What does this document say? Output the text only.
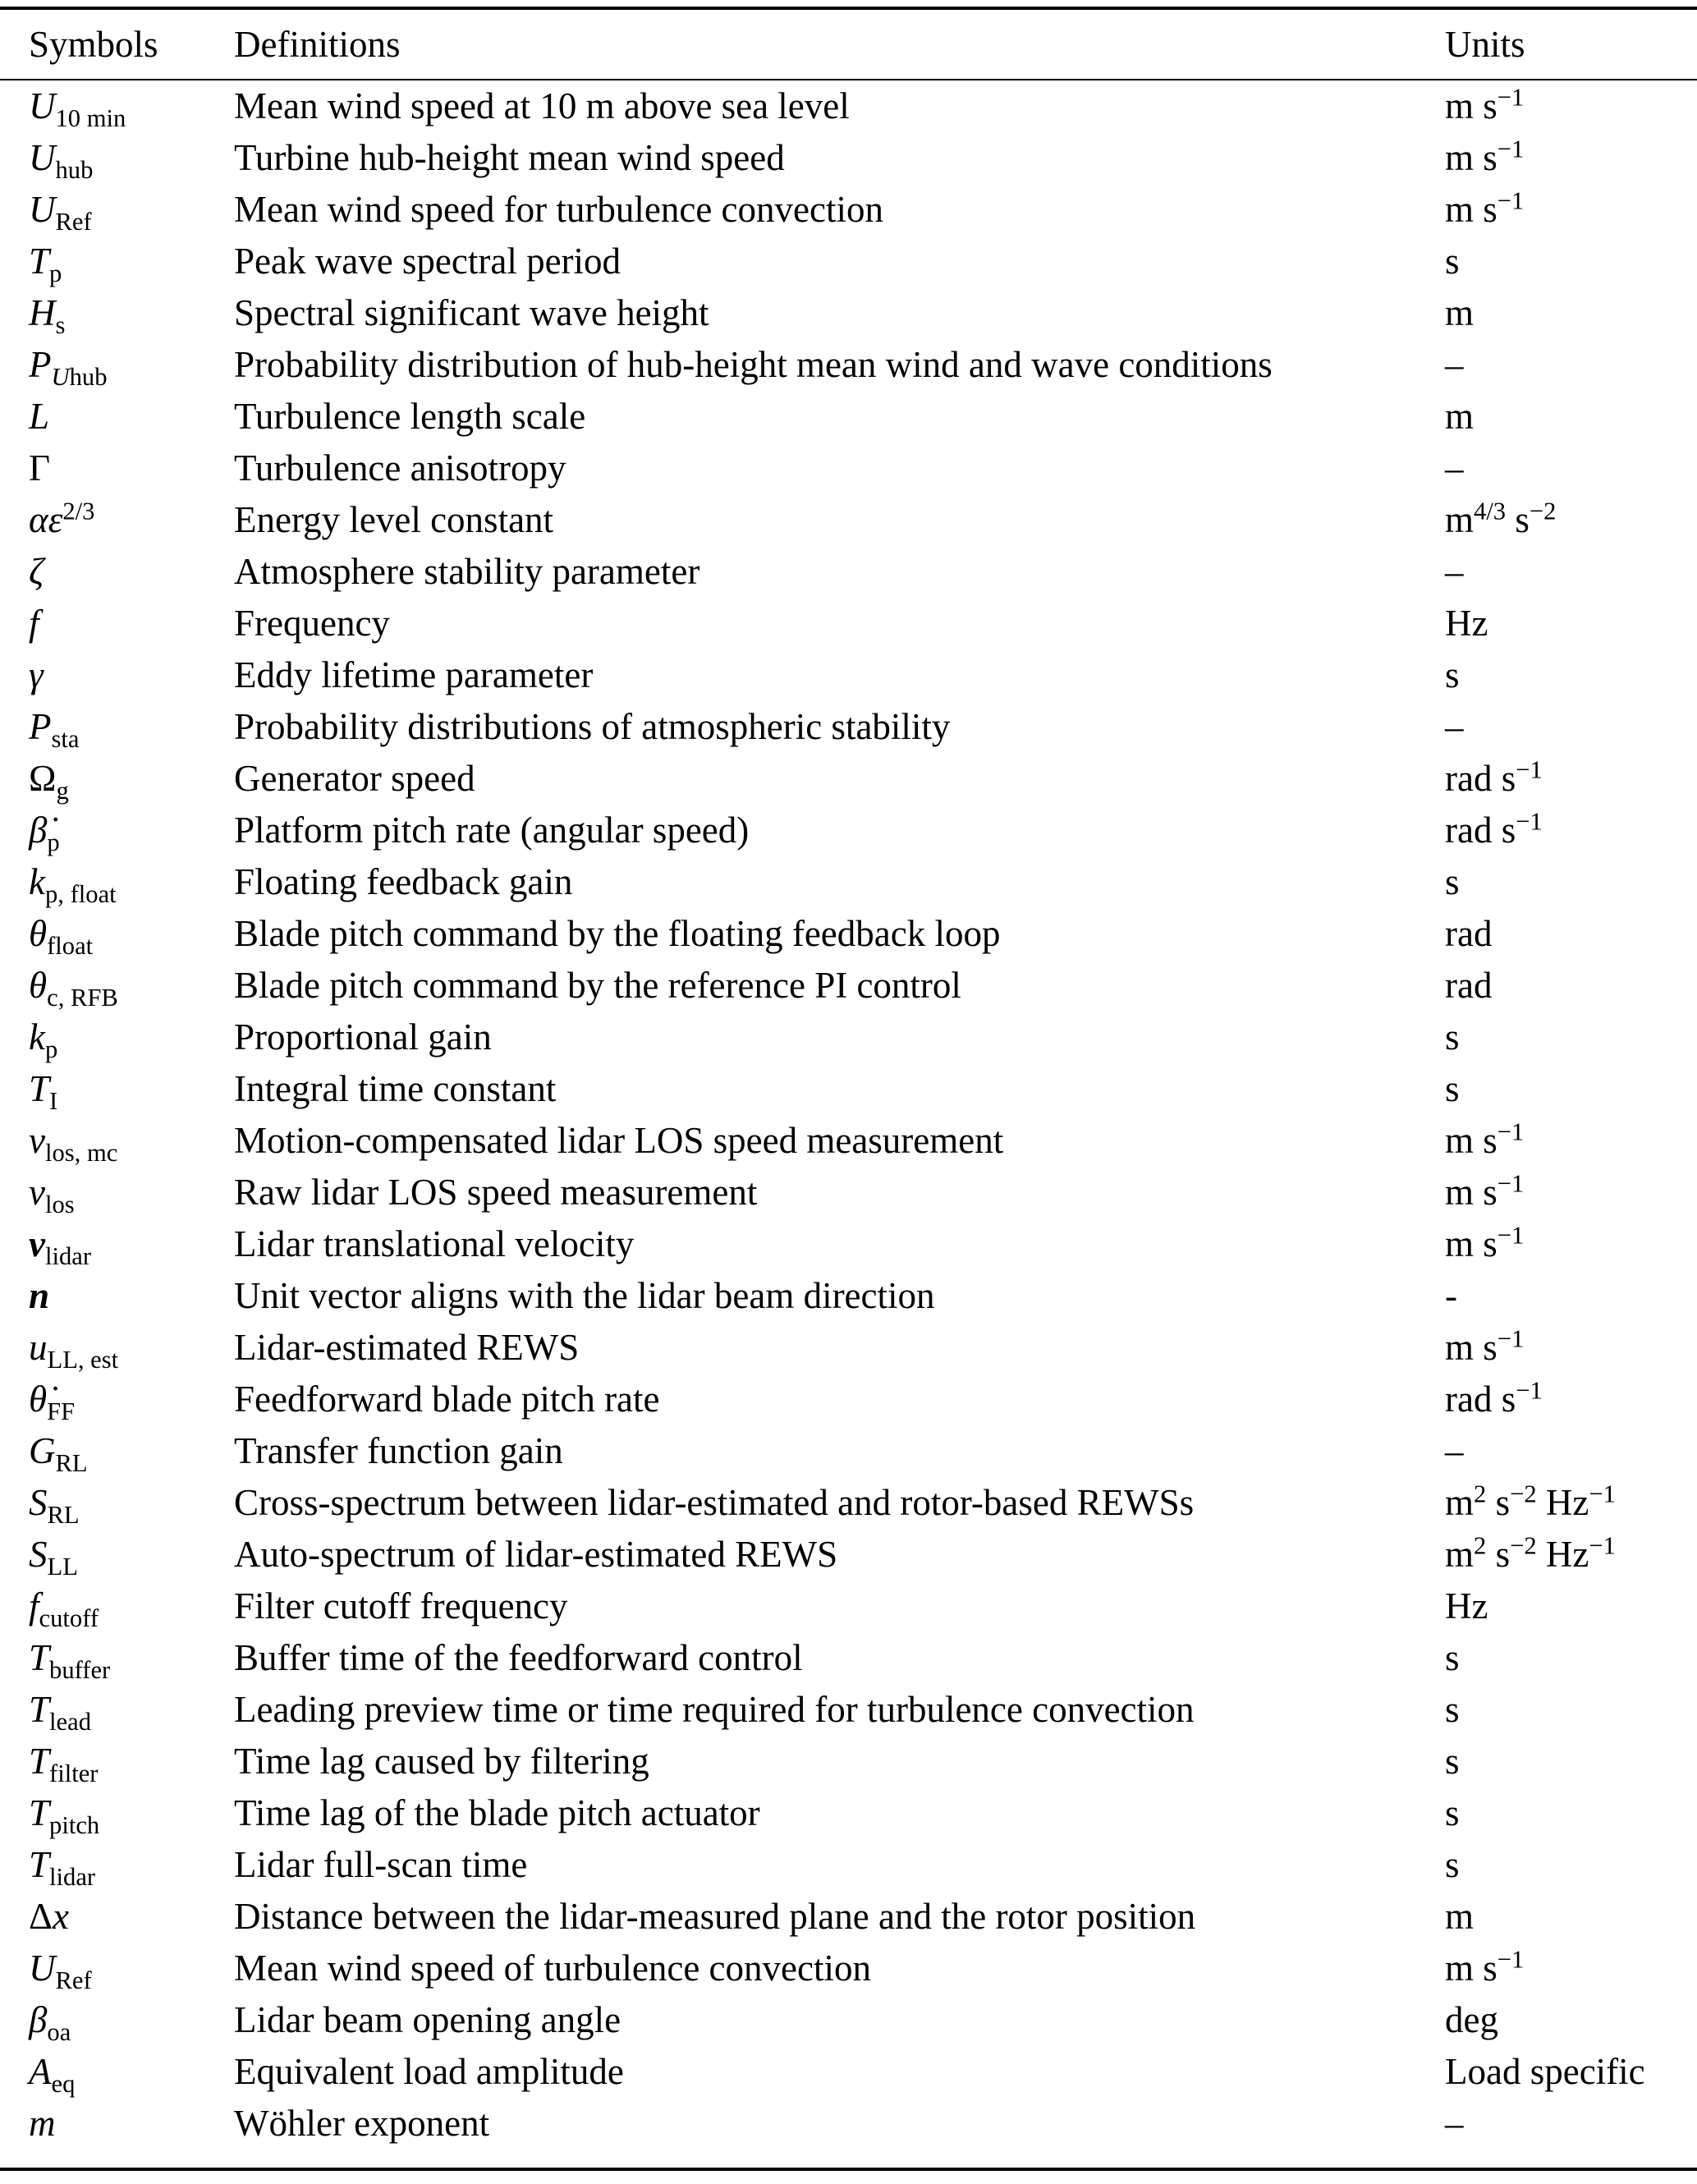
Symbols	Definitions	Units
$U_{10 min}$	Mean wind speed at 10 m above sea level	m $s^{-1}$
$U_{hub}$	Turbine hub-height mean wind speed	m $s^{-1}$
$U_{Ref}$	Mean wind speed for turbulence convection	m $s^{-1}$
$T_p$	Peak wave spectral period	s
$H_s$	Spectral significant wave height	m
$P_{Uhub}$	Probability distribution of hub-height mean wind and wave conditions	–
L	Turbulence length scale	m
Γ	Turbulence anisotropy	–
$\alpha\varepsilon^{2/3}$	Energy level constant	$m^{4/3}$ $s^{-2}$
ζ	Atmosphere stability parameter	–
f	Frequency	Hz
γ	Eddy lifetime parameter	s
$P_{sta}$	Probability distributions of atmospheric stability	–
$\Omega_g$	Generator speed	rad $s^{-1}$
$\betȧ_p$	Platform pitch rate (angular speed)	rad $s^{-1}$
$k_{p, float}$	Floating feedback gain	s
$\theta_{float}$	Blade pitch command by the floating feedback loop	rad
$\theta_{c, RFB}$	Blade pitch command by the reference PI control	rad
$k_p$	Proportional gain	s
$T_I$	Integral time constant	s
$v_{los, mc}$	Motion-compensated lidar LOS speed measurement	m $s^{-1}$
$v_{los}$	Raw lidar LOS speed measurement	m $s^{-1}$
$v_{lidar}$	Lidar translational velocity	m $s^{-1}$
n	Unit vector aligns with the lidar beam direction	-
$u_{LL, est}$	Lidar-estimated REWS	m $s^{-1}$
$\thetȧ_{FF}$	Feedforward blade pitch rate	rad $s^{-1}$
$G_{RL}$	Transfer function gain	–
$S_{RL}$	Cross-spectrum between lidar-estimated and rotor-based REWSs	$m^2$ $s^{-2}$ $Hz^{-1}$
$S_{LL}$	Auto-spectrum of lidar-estimated REWS	$m^2$ $s^{-2}$ $Hz^{-1}$
$f_{cutoff}$	Filter cutoff frequency	Hz
$T_{buffer}$	Buffer time of the feedforward control	s
$T_{lead}$	Leading preview time or time required for turbulence convection	s
$T_{filter}$	Time lag caused by filtering	s
$T_{pitch}$	Time lag of the blade pitch actuator	s
$T_{lidar}$	Lidar full-scan time	s
Δx	Distance between the lidar-measured plane and the rotor position	m
$U_{Ref}$	Mean wind speed of turbulence convection	m $s^{-1}$
$\beta_{oa}$	Lidar beam opening angle	deg
$A_{eq}$	Equivalent load amplitude	Load specific
m	Wöhler exponent	–
